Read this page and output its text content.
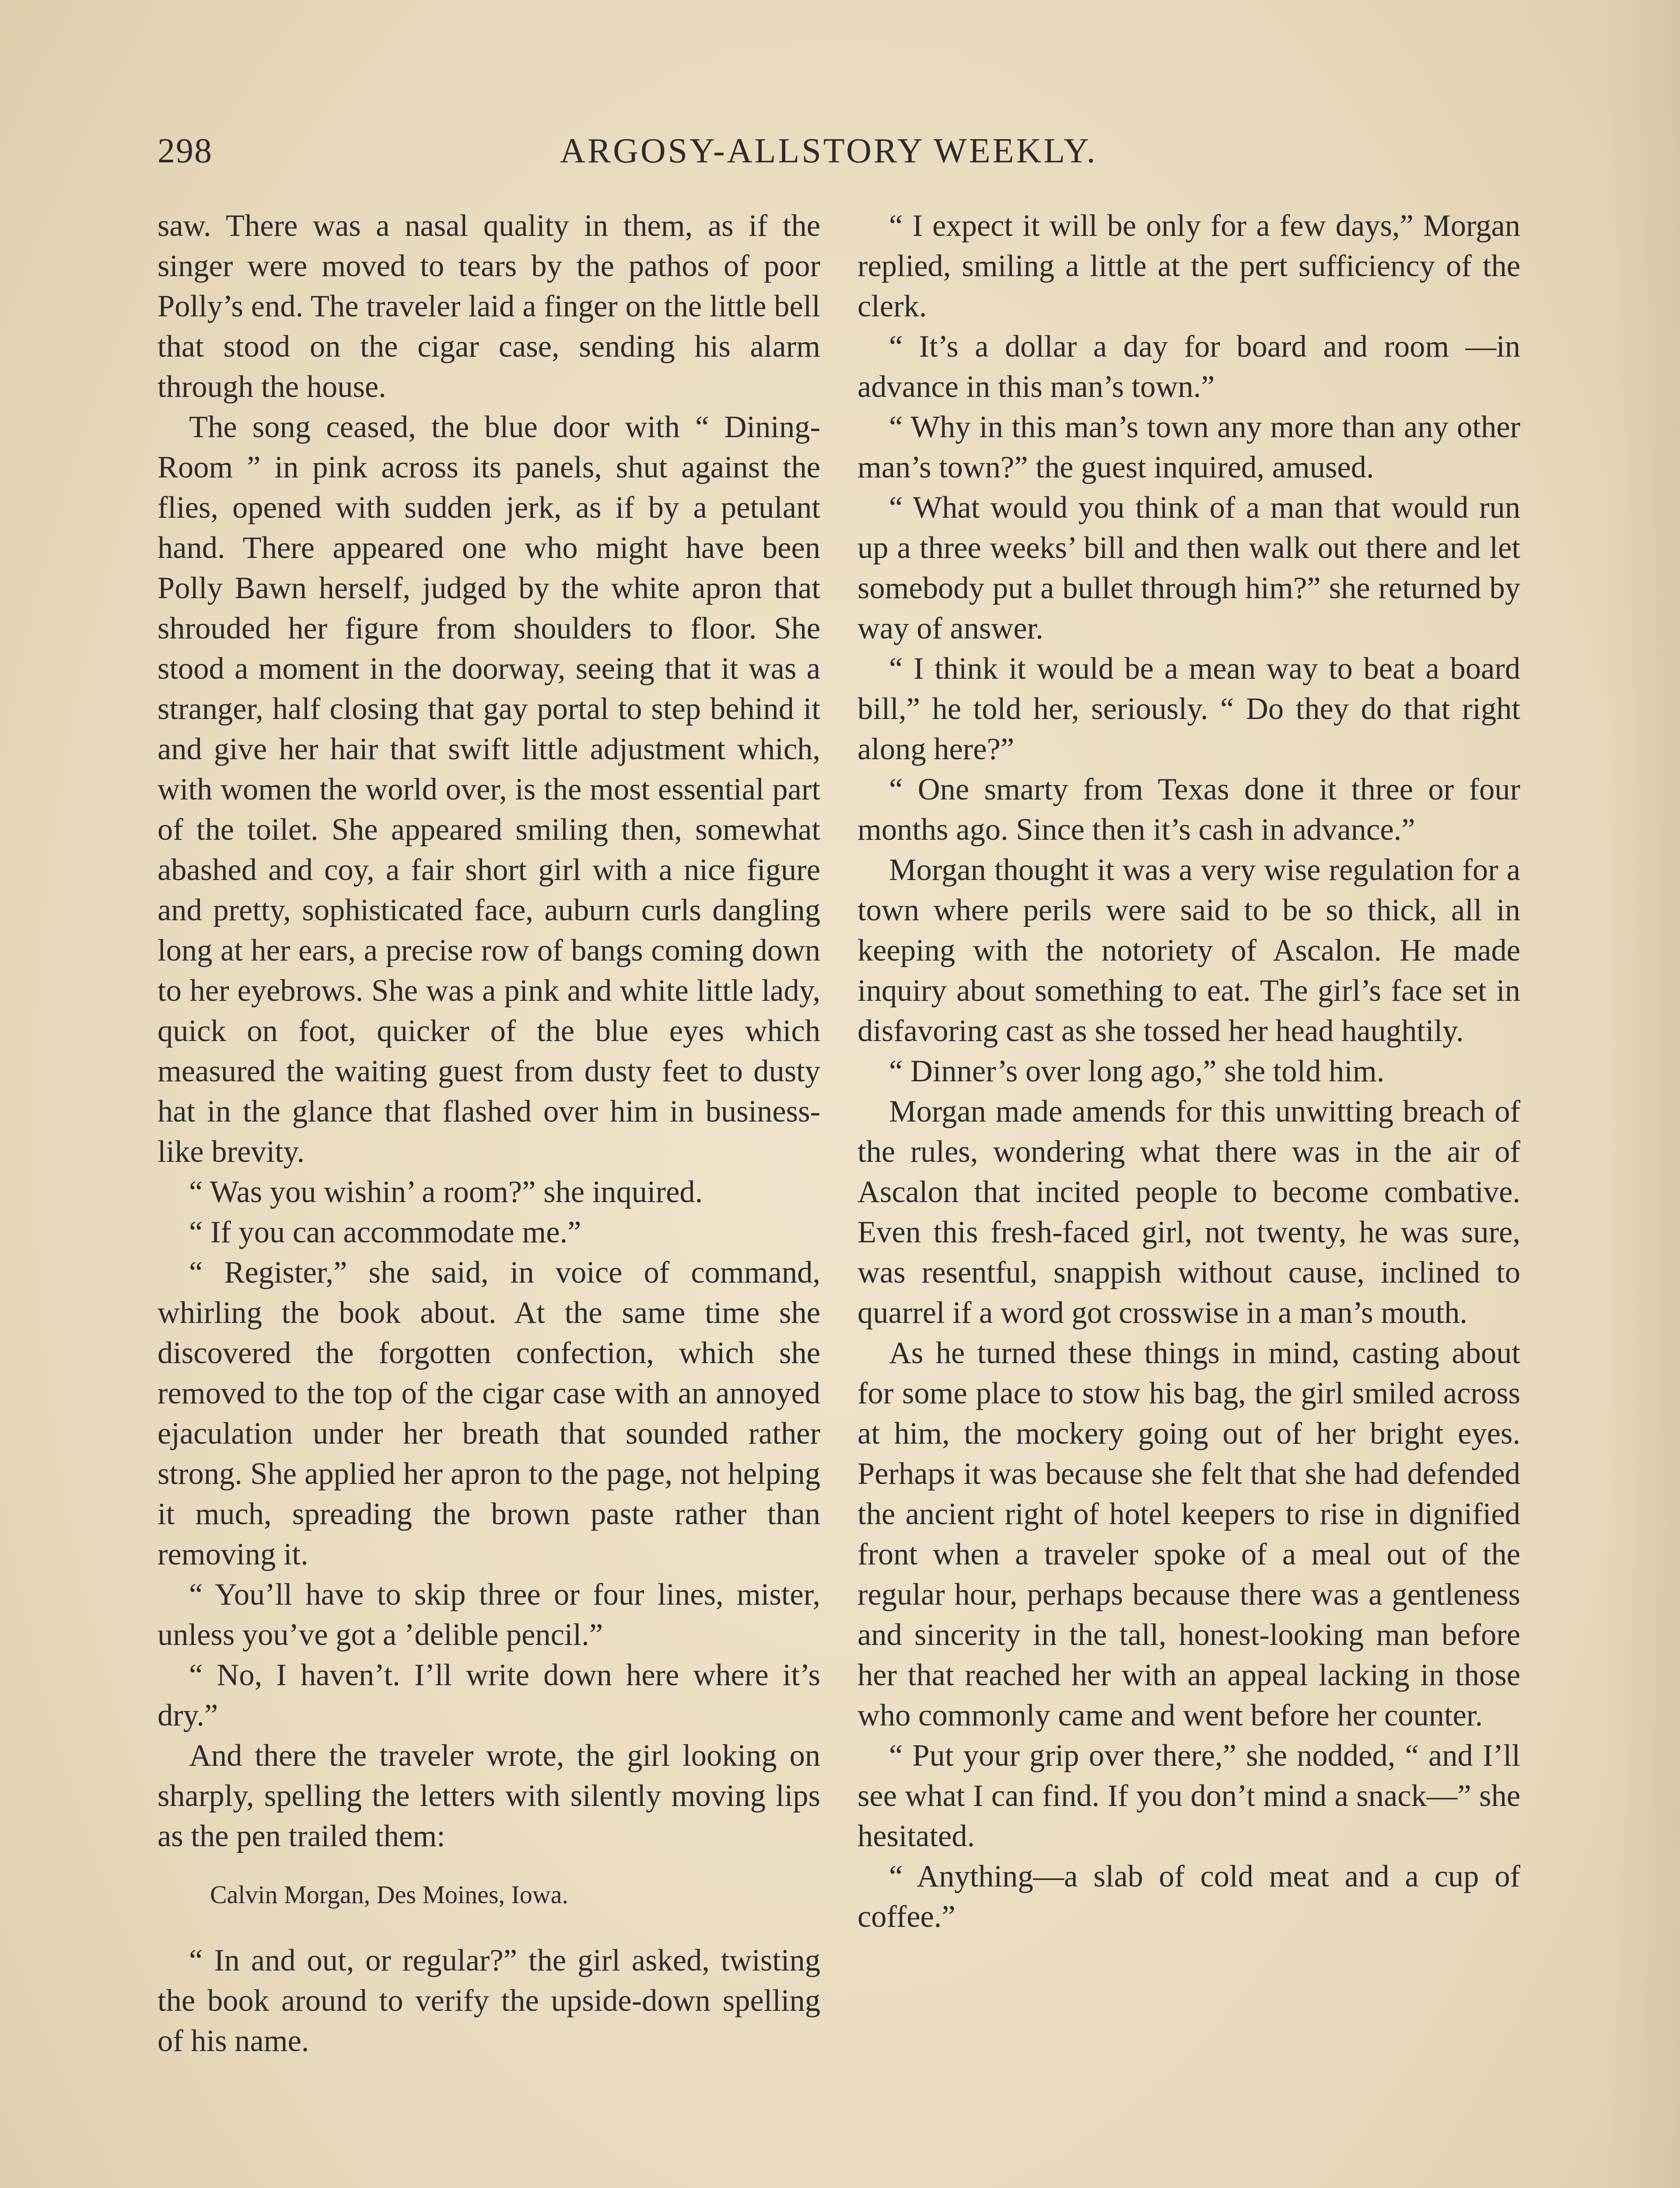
298	ARGOSY-ALLSTORY WEEKLY.

saw. There was a nasal quality in them, as if the singer were moved to tears by the pathos of poor Polly’s end. The traveler laid a finger on the little bell that stood on the cigar case, sending his alarm through the house.

The song ceased, the blue door with “ Dining-Room ” in pink across its panels, shut against the flies, opened with sudden jerk, as if by a petulant hand. There appeared one who might have been Polly Bawn herself, judged by the white apron that shrouded her figure from shoulders to floor. She stood a moment in the doorway, seeing that it was a stranger, half closing that gay portal to step behind it and give her hair that swift little adjustment which, with women the world over, is the most essential part of the toilet. She appeared smiling then, somewhat abashed and coy, a fair short girl with a nice figure and pretty, sophisticated face, auburn curls dangling long at her ears, a precise row of bangs coming down to her eyebrows. She was a pink and white little lady, quick on foot, quicker of the blue eyes which measured the waiting guest from dusty feet to dusty hat in the glance that flashed over him in business-like brevity.

“ Was you wishin’ a room?” she inquired.

“ If you can accommodate me.”

“ Register,” she said, in voice of command, whirling the book about. At the same time she discovered the forgotten confection, which she removed to the top of the cigar case with an annoyed ejaculation under her breath that sounded rather strong. She applied her apron to the page, not helping it much, spreading the brown paste rather than removing it.

“ You’ll have to skip three or four lines, mister, unless you’ve got a ’delible pencil.”

“ No, I haven’t. I’ll write down here where it’s dry.”

And there the traveler wrote, the girl looking on sharply, spelling the letters with silently moving lips as the pen trailed them:

Calvin Morgan, Des Moines, Iowa.

“ In and out, or regular?” the girl asked, twisting the book around to verify the upside-down spelling of his name.

“ I expect it will be only for a few days,” Morgan replied, smiling a little at the pert sufficiency of the clerk.

“ It’s a dollar a day for board and room —in advance in this man’s town.”

“ Why in this man’s town any more than any other man’s town?” the guest inquired, amused.

“ What would you think of a man that would run up a three weeks’ bill and then walk out there and let somebody put a bullet through him?” she returned by way of answer.

“ I think it would be a mean way to beat a board bill,” he told her, seriously. “ Do they do that right along here?”

“ One smarty from Texas done it three or four months ago. Since then it’s cash in advance.”

Morgan thought it was a very wise regulation for a town where perils were said to be so thick, all in keeping with the notoriety of Ascalon. He made inquiry about something to eat. The girl’s face set in disfavoring cast as she tossed her head haughtily.

“ Dinner’s over long ago,” she told him.

Morgan made amends for this unwitting breach of the rules, wondering what there was in the air of Ascalon that incited people to become combative. Even this fresh-faced girl, not twenty, he was sure, was resentful, snappish without cause, inclined to quarrel if a word got crosswise in a man’s mouth.

As he turned these things in mind, casting about for some place to stow his bag, the girl smiled across at him, the mockery going out of her bright eyes. Perhaps it was because she felt that she had defended the ancient right of hotel keepers to rise in dignified front when a traveler spoke of a meal out of the regular hour, perhaps because there was a gentleness and sincerity in the tall, honest-looking man before her that reached her with an appeal lacking in those who commonly came and went before her counter.

“ Put your grip over there,” she nodded, “ and I’ll see what I can find. If you don’t mind a snack—” she hesitated.

“ Anything—a slab of cold meat and a cup of coffee.”
